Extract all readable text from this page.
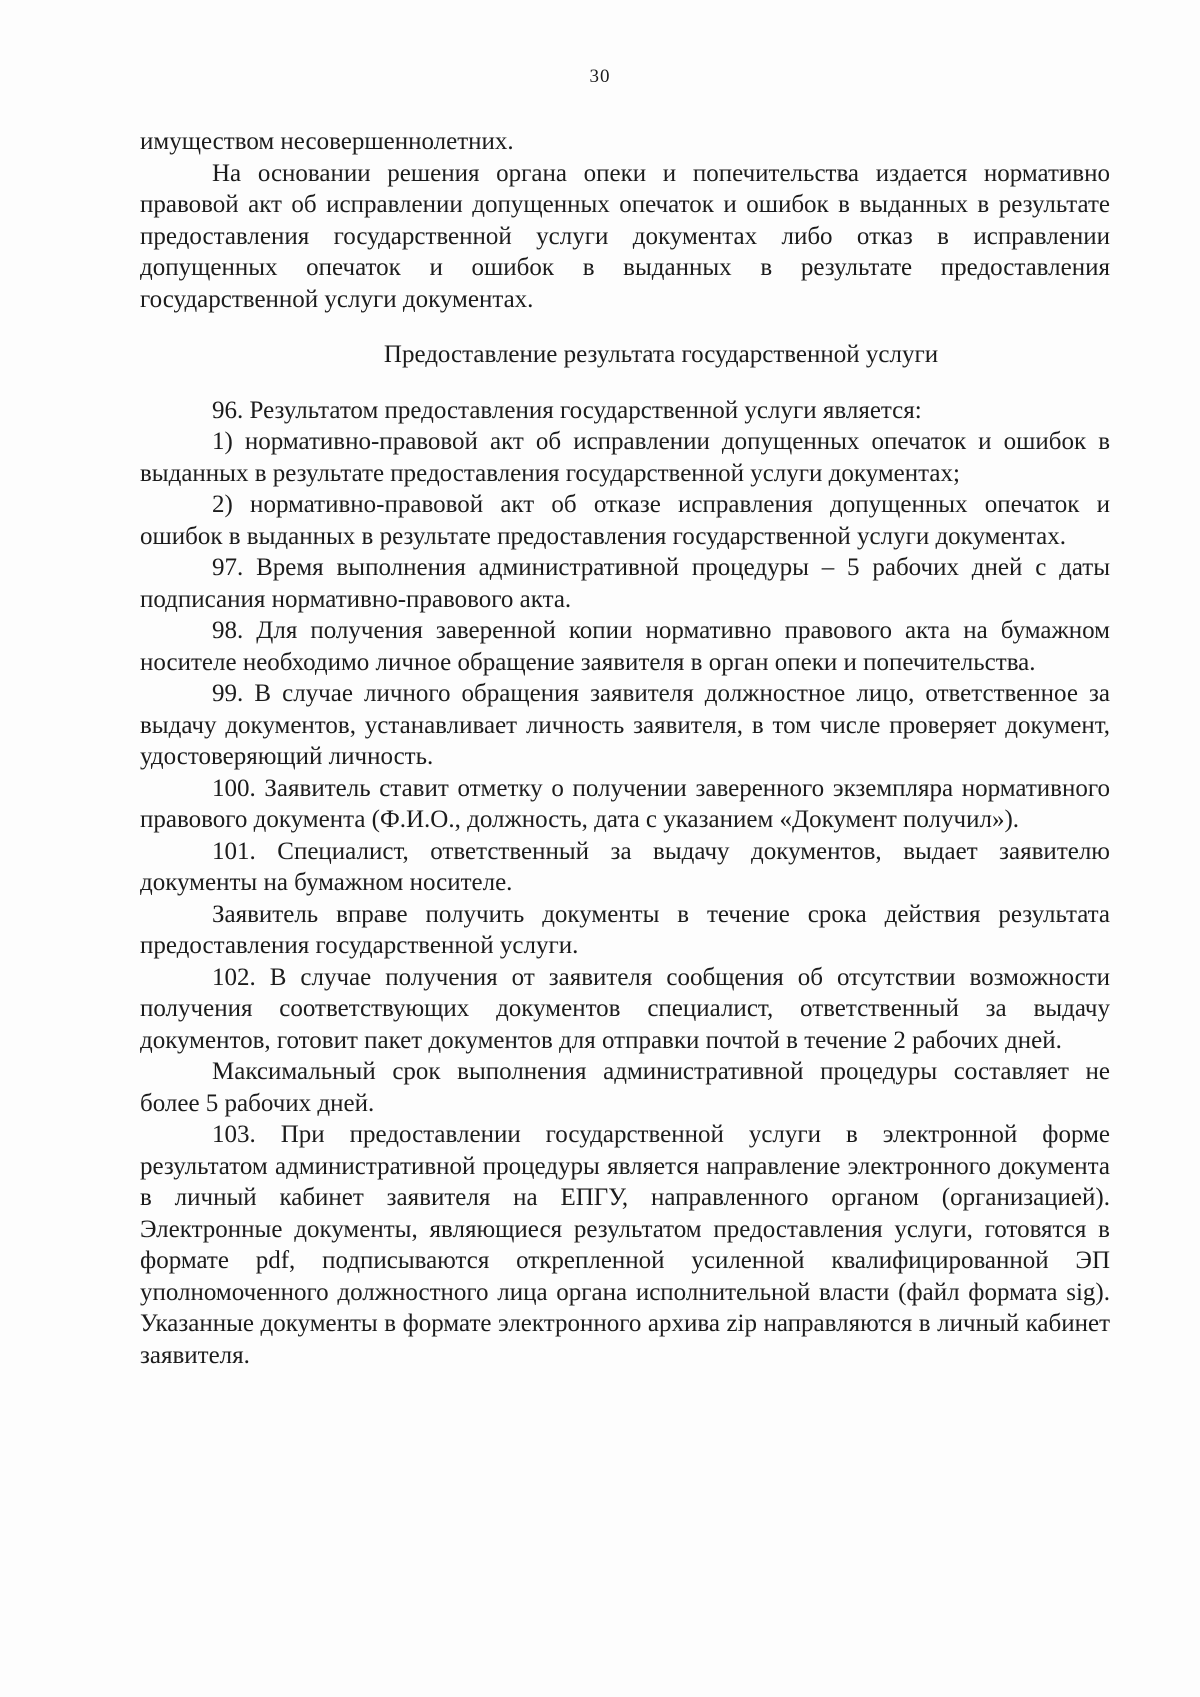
30

имуществом несовершеннолетних.

На основании решения органа опеки и попечительства издается нормативно правовой акт об исправлении допущенных опечаток и ошибок в выданных в результате предоставления государственной услуги документах либо отказ в исправлении допущенных опечаток и ошибок в выданных в результате предоставления государственной услуги документах.

Предоставление результата государственной услуги

96. Результатом предоставления государственной услуги является:

1) нормативно-правовой акт об исправлении допущенных опечаток и ошибок в выданных в результате предоставления государственной услуги документах;

2) нормативно-правовой акт об отказе исправления допущенных опечаток и ошибок в выданных в результате предоставления государственной услуги документах.

97. Время выполнения административной процедуры – 5 рабочих дней с даты подписания нормативно-правового акта.

98. Для получения заверенной копии нормативно правового акта на бумажном носителе необходимо личное обращение заявителя в орган опеки и попечительства.

99. В случае личного обращения заявителя должностное лицо, ответственное за выдачу документов, устанавливает личность заявителя, в том числе проверяет документ, удостоверяющий личность.

100. Заявитель ставит отметку о получении заверенного экземпляра нормативного правового документа (Ф.И.О., должность, дата с указанием «Документ получил»).

101. Специалист, ответственный за выдачу документов, выдает заявителю документы на бумажном носителе.

Заявитель вправе получить документы в течение срока действия результата предоставления государственной услуги.

102. В случае получения от заявителя сообщения об отсутствии возможности получения соответствующих документов специалист, ответственный за выдачу документов, готовит пакет документов для отправки почтой в течение 2 рабочих дней.

Максимальный срок выполнения административной процедуры составляет не более 5 рабочих дней.

103. При предоставлении государственной услуги в электронной форме результатом административной процедуры является направление электронного документа в личный кабинет заявителя на ЕПГУ, направленного органом (организацией). Электронные документы, являющиеся результатом предоставления услуги, готовятся в формате pdf, подписываются открепленной усиленной квалифицированной ЭП уполномоченного должностного лица органа исполнительной власти (файл формата sig). Указанные документы в формате электронного архива zip направляются в личный кабинет заявителя.
